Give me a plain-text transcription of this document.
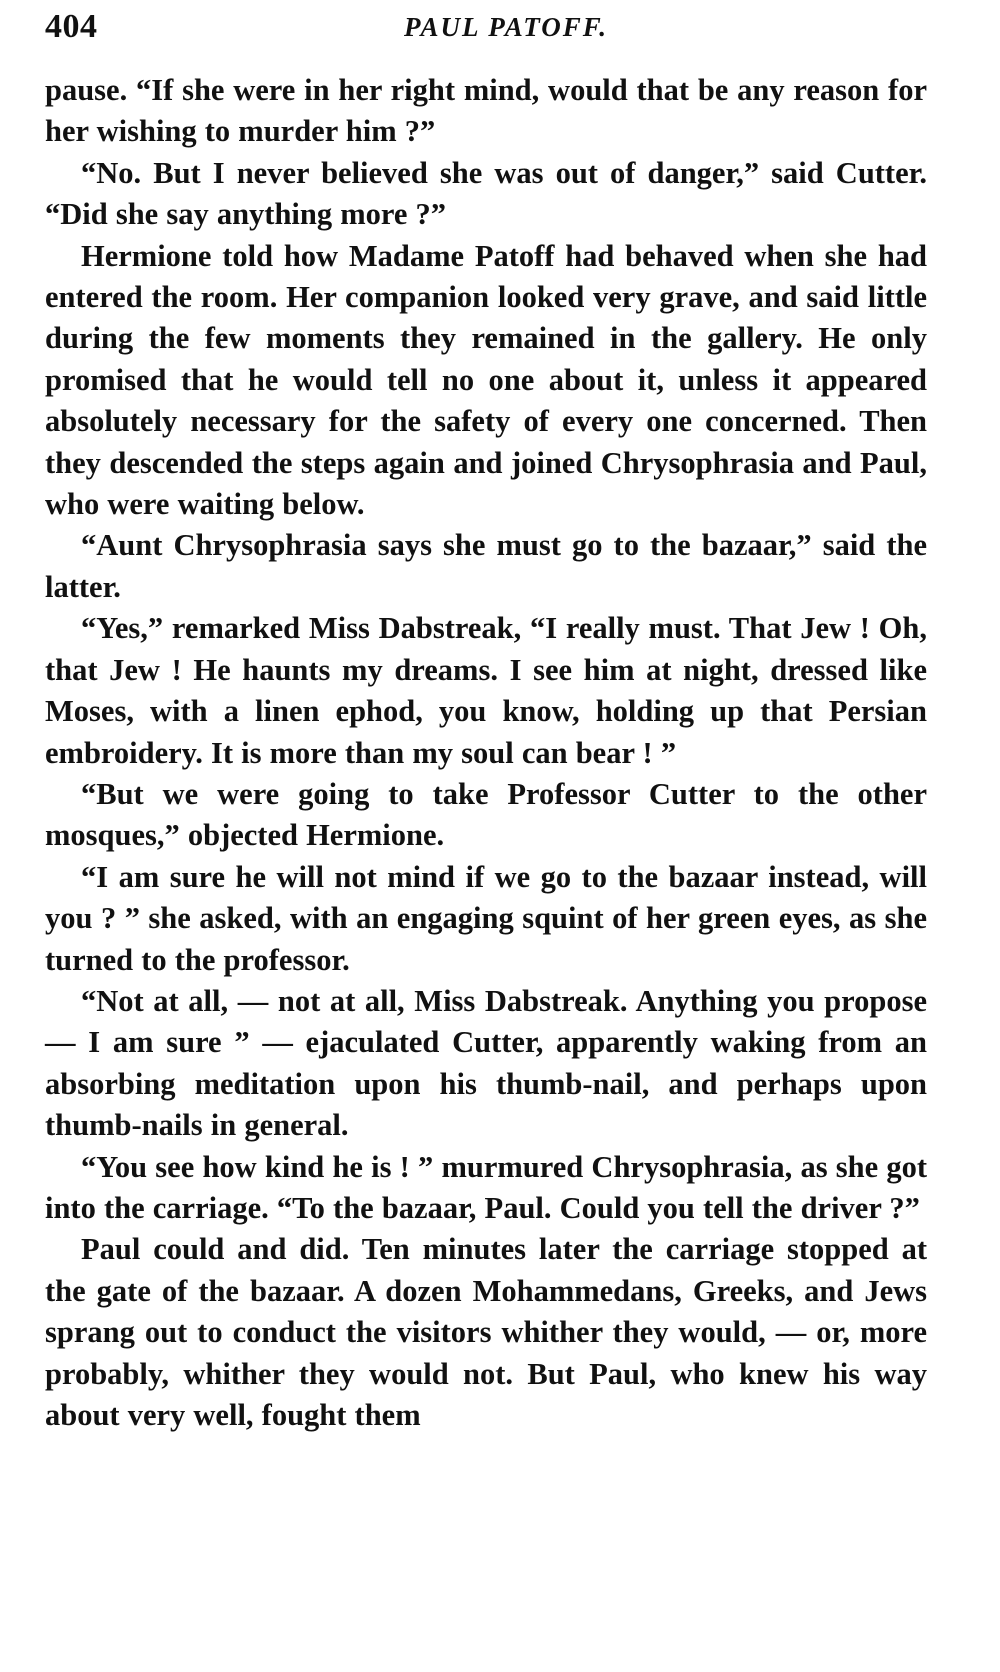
404	PAUL PATOFF.

pause. “If she were in her right mind, would that be any reason for her wishing to murder him ?”

“No. But I never believed she was out of danger,” said Cutter. “Did she say anything more ?”

Hermione told how Madame Patoff had behaved when she had entered the room. Her companion looked very grave, and said little during the few moments they remained in the gallery. He only promised that he would tell no one about it, unless it appeared absolutely necessary for the safety of every one concerned. Then they descended the steps again and joined Chrysophrasia and Paul, who were waiting below.

“Aunt Chrysophrasia says she must go to the bazaar,” said the latter.

“Yes,” remarked Miss Dabstreak, “I really must. That Jew ! Oh, that Jew ! He haunts my dreams. I see him at night, dressed like Moses, with a linen ephod, you know, holding up that Persian embroidery. It is more than my soul can bear ! ”

“But we were going to take Professor Cutter to the other mosques,” objected Hermione.

“I am sure he will not mind if we go to the bazaar instead, will you ? ” she asked, with an engaging squint of her green eyes, as she turned to the professor.

“Not at all, — not at all, Miss Dabstreak. Anything you propose — I am sure ” — ejaculated Cutter, apparently waking from an absorbing meditation upon his thumb-nail, and perhaps upon thumb-nails in general.

“You see how kind he is ! ” murmured Chrysophrasia, as she got into the carriage. “To the bazaar, Paul. Could you tell the driver ?”

Paul could and did. Ten minutes later the carriage stopped at the gate of the bazaar. A dozen Mohammedans, Greeks, and Jews sprang out to conduct the visitors whither they would, — or, more probably, whither they would not. But Paul, who knew his way about very well, fought them
